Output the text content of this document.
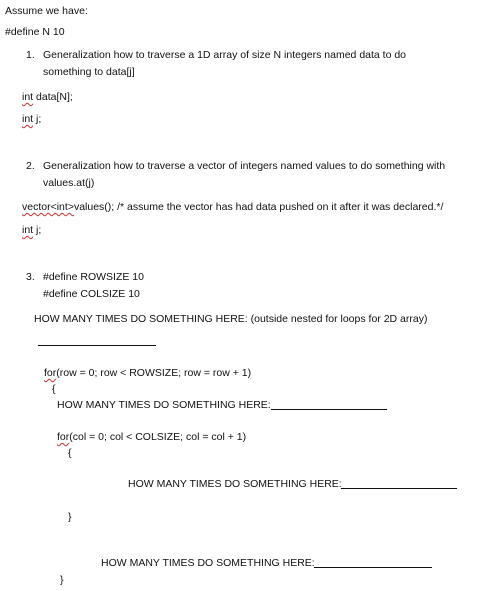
Assume we have:
#define N 10
1. Generalization how to traverse a 1D array of size N integers named data to do
something to data[j]
int data[N];
int j;
2. Generalization how to traverse a vector of integers named values to do something with
values.at(j)
vector<int>values(); /* assume the vector has had data pushed on it after it was declared.*/
int j;
3. #define ROWSIZE 10
#define COLSIZE 10
HOW MANY TIMES DO SOMETHING HERE: (outside nested for loops for 2D array)
for(row = 0; row < ROWSIZE; row = row + 1)
{
HOW MANY TIMES DO SOMETHING HERE:
for(col = 0; col < COLSIZE; col = col + 1)
{
HOW MANY TIMES DO SOMETHING HERE:
}
HOW MANY TIMES DO SOMETHING HERE:
}
